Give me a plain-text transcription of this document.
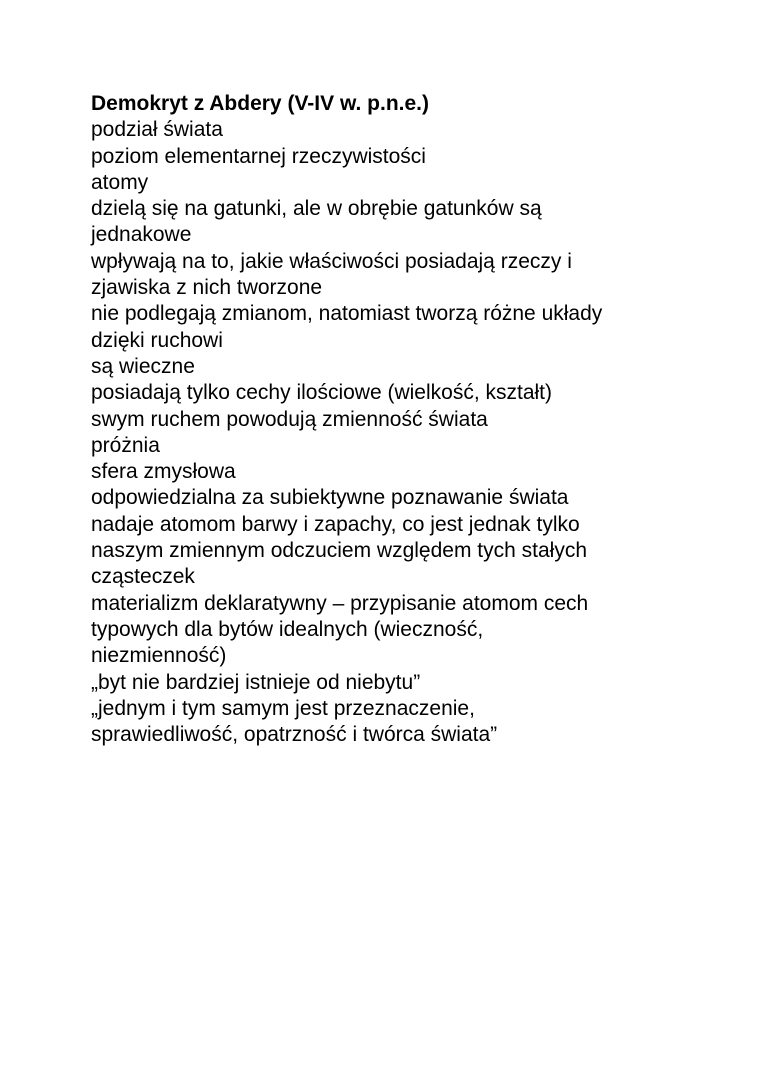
Demokryt z Abdery (V-IV w. p.n.e.)
podział świata
poziom elementarnej rzeczywistości
atomy
dzielą się na gatunki, ale w obrębie gatunków są
jednakowe
wpływają na to, jakie właściwości posiadają rzeczy i
zjawiska z nich tworzone
nie podlegają zmianom, natomiast tworzą różne układy
dzięki ruchowi
są wieczne
posiadają tylko cechy ilościowe (wielkość, kształt)
swym ruchem powodują zmienność świata
próżnia
sfera zmysłowa
odpowiedzialna za subiektywne poznawanie świata
nadaje atomom barwy i zapachy, co jest jednak tylko
naszym zmiennym odczuciem względem tych stałych
cząsteczek
materializm deklaratywny – przypisanie atomom cech
typowych dla bytów idealnych (wieczność,
niezmienność)
„byt nie bardziej istnieje od niebytu”
„jednym i tym samym jest przeznaczenie,
sprawiedliwość, opatrzność i twórca świata”
